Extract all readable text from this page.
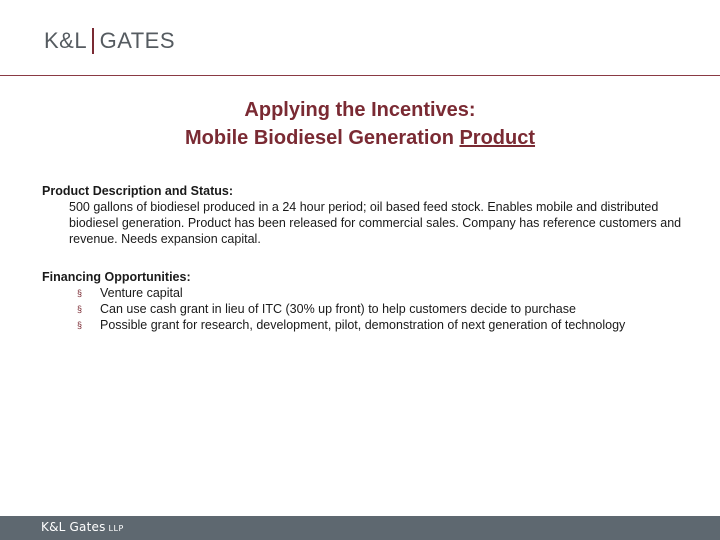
K&L GATES
Applying the Incentives:
Mobile Biodiesel Generation Product
Product Description and Status:
500 gallons of biodiesel produced in a 24 hour period; oil based feed stock. Enables mobile and distributed biodiesel generation. Product has been released for commercial sales. Company has reference customers and revenue. Needs expansion capital.
Financing Opportunities:
§ Venture capital
§ Can use cash grant in lieu of ITC (30% up front) to help customers decide to purchase
§ Possible grant for research, development, pilot, demonstration of next generation of technology
K&L Gates LLP
